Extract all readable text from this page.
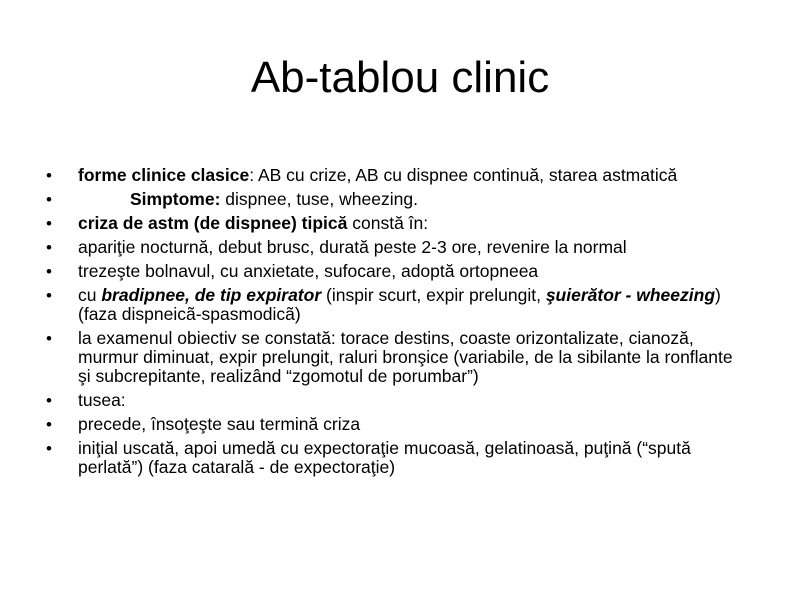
Ab-tablou clinic
• forme clinice clasice: AB cu crize, AB cu dispnee continuă, starea astmatică
•	Simptome: dispnee, tuse, wheezing.
• criza de astm (de dispnee) tipică constă în:
• apariţie nocturnă, debut brusc, durată peste 2-3 ore, revenire la normal
• trezeşte bolnavul, cu anxietate, sufocare, adoptă ortopneea
• cu bradipnee, de tip expirator (inspir scurt, expir prelungit, şuierător - wheezing) (faza dispneicã-spasmodicã)
• la examenul obiectiv se constată: torace destins, coaste orizontalizate, cianoză, murmur diminuat, expir prelungit, raluri bronşice (variabile, de la sibilante la ronflante şi subcrepitante, realizând “zgomotul de porumbar”)
• tusea:
• precede, însoţeşte sau termină criza
• iniţial uscată, apoi umedă cu expectoraţie mucoasă, gelatinoasă, puţină (“spută perlată”) (faza catarală - de expectoraţie)
